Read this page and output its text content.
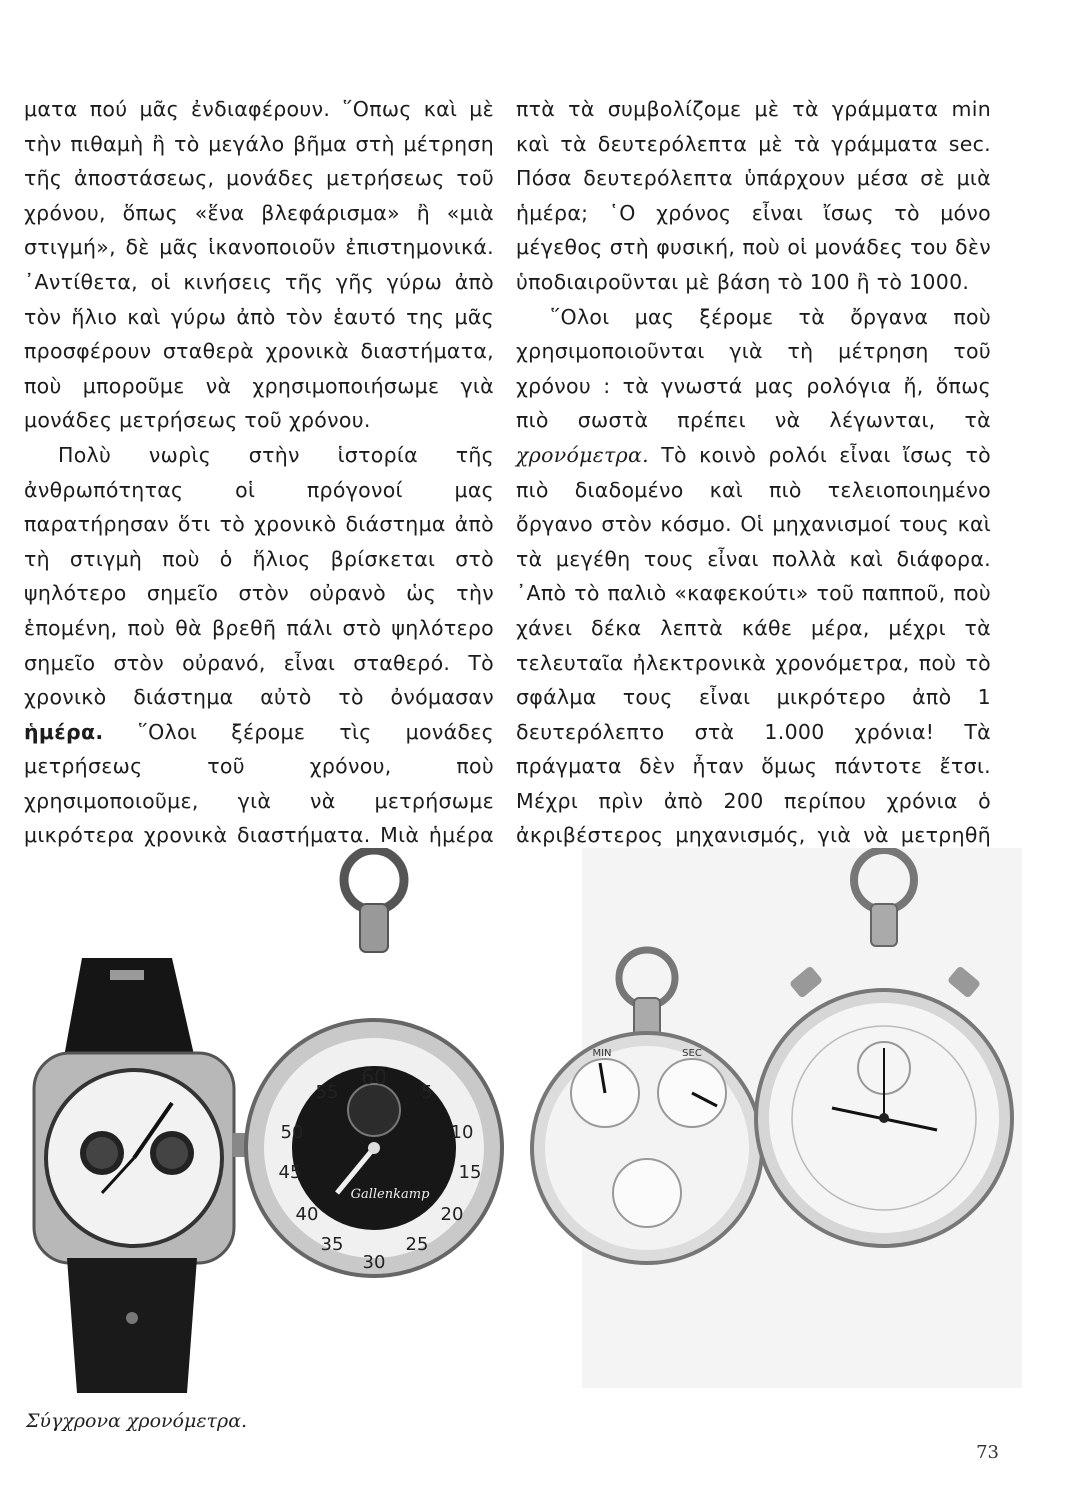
ματα πού μᾶς ἐνδιαφέρουν. ῞Οπως καὶ μὲ τὴν πιθαμὴ ἢ τὸ μεγάλο βῆμα στὴ μέτρηση τῆς ἀποστάσεως, μονάδες μετρήσεως τοῦ χρόνου, ὅπως «ἕνα βλεφάρισμα» ἢ «μιὰ στιγμή», δὲ μᾶς ἱκανοποιοῦν ἐπιστημονικά. ᾿Αντίθετα, οἱ κινήσεις τῆς γῆς γύρω ἀπὸ τὸν ἥλιο καὶ γύρω ἀπὸ τὸν ἑαυτό της μᾶς προσφέρουν σταθερὰ χρονικὰ διαστήματα, ποὺ μποροῦμε νὰ χρησιμοποιήσωμε γιὰ μονάδες μετρήσεως τοῦ χρόνου.

Πολὺ νωρὶς στὴν ἱστορία τῆς ἀνθρωπότητας οἱ πρόγονοί μας παρατήρησαν ὅτι τὸ χρονικὸ διάστημα ἀπὸ τὴ στιγμὴ ποὺ ὁ ἥλιος βρίσκεται στὸ ψηλότερο σημεῖο στὸν οὐρανὸ ὡς τὴν ἑπομένη, ποὺ θὰ βρεθῆ πάλι στὸ ψηλότερο σημεῖο στὸν οὐρανό, εἶναι σταθερό. Τὸ χρονικὸ διάστημα αὐτὸ τὸ ὀνόμασαν ἡμέρα. ῞Ολοι ξέρομε τὶς μονάδες μετρήσεως τοῦ χρόνου, ποὺ χρησιμοποιοῦμε, γιὰ νὰ μετρήσωμε μικρότερα χρονικὰ διαστήματα. Μιὰ ἡμέρα

πτὰ τὰ συμβολίζομε μὲ τὰ γράμματα min καὶ τὰ δευτερόλεπτα μὲ τὰ γράμματα sec. Πόσα δευτερόλεπτα ὑπάρχουν μέσα σὲ μιὰ ἡμέρα; ῾Ο χρόνος εἶναι ἴσως τὸ μόνο μέγεθος στὴ φυσική, ποὺ οἱ μονάδες του δὲν ὑποδιαιροῦνται μὲ βάση τὸ 100 ἢ τὸ 1000.

῞Ολοι μας ξέρομε τὰ ὄργανα ποὺ χρησιμοποιοῦνται γιὰ τὴ μέτρηση τοῦ χρόνου : τὰ γνωστά μας ρολόγια ἤ, ὅπως πιὸ σωστὰ πρέπει νὰ λέγωνται, τὰ χρονόμετρα. Τὸ κοινὸ ρολόι εἶναι ἴσως τὸ πιὸ διαδομένο καὶ πιὸ τελειοποιημένο ὄργανο στὸν κόσμο. Οἱ μηχανισμοί τους καὶ τὰ μεγέθη τους εἶναι πολλὰ καὶ διάφορα. ᾿Απὸ τὸ παλιὸ «καφεκούτι» τοῦ παπποῦ, ποὺ χάνει δέκα λεπτὰ κάθε μέρα, μέχρι τὰ τελευταῖα ἠλεκτρονικὰ χρονόμετρα, ποὺ τὸ σφάλμα τους εἶναι μικρότερο ἀπὸ 1 δευτερόλεπτο στὰ 1.000 χρόνια! Τὰ πράγματα δὲν ἦταν ὅμως πάντοτε ἔτσι. Μέχρι πρὶν ἀπὸ 200 περίπου χρόνια ὁ ἀκριβέστερος μηχανισμός, γιὰ νὰ μετρηθῆ

60
5
10
15
20
25
30
35
40
45
50
55
Gallenkamp
MIN	SEC
Σύγχρονα χρονόμετρα.
73
